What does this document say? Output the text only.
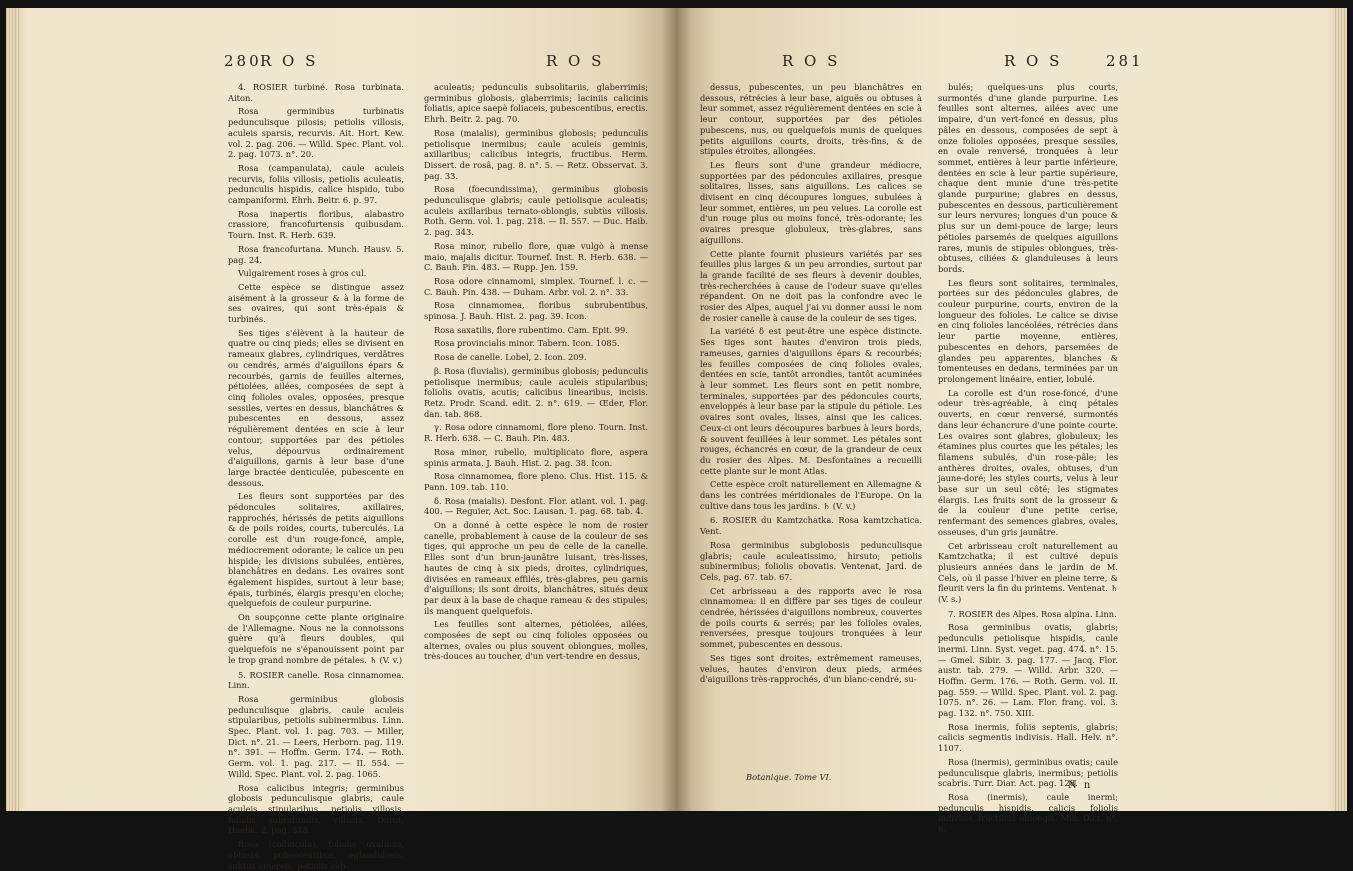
280
R O S	R O S

4. ROSIER turbiné. Rosa turbinata. Aiton.

Rosa germinibus turbinatis pedunculisque pilosis; petiolis villosis, aculeis sparsis, recurvis. Ait. Hort. Kew. vol. 2. pag. 206. — Willd. Spec. Plant. vol. 2. pag. 1073. n°. 20.

Rosa (campanulata), caule aculeis recurvis, foliis villosis, petiolis aculeatis, pedunculis hispidis, calice hispido, tubo campaniformi. Ehrh. Beitr. 6. p. 97.

Rosa inapertis floribus, alabastro crassiore, francofurtensis quibusdam. Tourn. Inst. R. Herb. 639.

Rosa francofurtana. Munch. Hausv. 5. pag. 24.

Vulgairement roses à gros cul.

Cette espèce se distingue assez aisément à la grosseur & à la forme de ses ovaires, qui sont très-épais & turbinés.

Ses tiges s'élèvent à la hauteur de quatre ou cinq pieds; elles se divisent en rameaux glabres, cylindriques, verdâtres ou cendrés, armés d'aiguillons épars & recourbés, garnis de feuilles alternes, pétiolées, ailées, composées de sept à cinq folioles ovales, opposées, presque sessiles, vertes en dessus, blanchâtres & pubescentes en dessous, assez régulièrement dentées en scie à leur contour, supportées par des pétioles velus, dépourvus ordinairement d'aiguillons, garnis à leur base d'une large bractée denticulée, pubescente en dessous.

Les fleurs sont supportées par des pédoncules solitaires, axillaires, rapprochés, hérissés de petits aiguillons & de poils roides, courts, tuberculés. La corolle est d'un rouge-foncé, ample, médiocrement odorante; le calice un peu hispide; les divisions subulées, entières, blanchâtres en dedans. Les ovaires sont également hispides, surtout à leur base; épais, turbinés, élargis presqu'en cloche; quelquefois de couleur purpurine.

On soupçonne cette plante originaire de l'Allemagne. Nous ne la connoissons guère qu'à fleurs doubles, qui quelquefois ne s'épanouissent point par le trop grand nombre de pétales. ♄ (V. v.)

5. ROSIER canelle. Rosa cinnamomea. Linn.

Rosa germinibus globosis pedunculisque glabris, caule aculeis stipularibus, petiolis subinermibus. Linn. Spec. Plant. vol. 1. pag. 703. — Miller, Dict. n°. 21. — Leers, Herborn. pag. 119. n°. 391. — Hoffm. Germ. 174. — Roth. Germ. vol. 1. pag. 217. — II. 554. — Willd. Spec. Plant. vol. 2. pag. 1065.

Rosa calicibus integris; germinibus globosis pedunculisque glabris, caule aculeis stipularibus, petiolis villosis, foliolis subrotundis, villosis. Durot, Haebk. 2. pag. 348.

Rosa (collincola), foliolis ovalibus, obtusis, pubescentibus, eglandulosis, subtus cinereis; petiolis sub-

aculeatis; pedunculis subsolitariis, glaberrimis; germinibus globosis, glaberrimis; laciniis calicinis foliatis, apice saepè foliaceis, pubescentibus, erectis. Ehrh. Beitr. 2. pag. 70.

Rosa (maialis), germinibus globosis; pedunculis petiolisque inermibus; caule aculeis geminis, axillaribus; calicibus integris, fructibus. Herm. Dissert. de rosâ, pag. 8. n°. 5. — Retz. Obsservat. 3. pag. 33.

Rosa (foecundissima), germinibus globosis pedunculisque glabris; caule petiolisque aculeatis; aculeis axillaribus ternato-oblongis, subtùs villosis. Roth. Germ. vol. 1. pag. 218. — II. 557. — Duc. Haib. 2. pag. 343.

Rosa minor, rubello flore, quæ vulgò à mense maio, majalis dicitur. Tournef. Inst. R. Herb. 638. — C. Bauh. Pin. 483. — Rupp. Jen. 159.

Rosa odore cinnamomi, simplex. Tournef. l. c. — C. Bauh. Pin. 438. — Duham. Arbr. vol. 2. n°. 33.

Rosa cinnamomea, floribus subrubentibus, spinosa. J. Bauh. Hist. 2. pag. 39. Icon.

Rosa saxatilis, flore rubentimo. Cam. Epit. 99.

Rosa provincialis minor. Tabern. Icon. 1085.

Rosa de canelle. Lobel, 2. Icon. 209.

β. Rosa (fluvialis), germinibus globosis; pedunculis petiolisque inermibus; caule aculeis stipularibus; foliolis ovatis, acutis; calicibus linearibus, incisis. Retz. Prodr. Scand. edit. 2. n°. 619. — Œder, Flor. dan. tab. 868.

γ. Rosa odore cinnamomi, flore pleno. Tourn. Inst. R. Herb. 638. — C. Bauh. Pin. 483.

Rosa minor, rubello, multiplicato flore, aspera spinis armata. J. Bauh. Hist. 2. pag. 38. Icon.

Rosa cinnamomea, flore pleno. Clus. Hist. 115. & Pann. 109. tab. 110.

δ. Rosa (maialis). Desfont. Flor. atlant. vol. 1. pag. 400. — Reguier, Act. Soc. Lausan. 1. pag. 68. tab. 4.

On a donné à cette espèce le nom de rosier canelle, probablement à cause de la couleur de ses tiges, qui approche un peu de celle de la canelle. Elles sont d'un brun-jaunâtre luisant, très-lisses, hautes de cinq à six pieds, droites, cylindriques, divisées en rameaux effilés, très-glabres, peu garnis d'aiguillons; ils sont droits, blanchâtres, situés deux par deux à la base de chaque rameau & des stipules; ils manquent quelquefois.

Les feuilles sont alternes, pétiolées, ailées, composées de sept ou cinq folioles opposées ou alternes, ovales ou plus souvent oblongues, molles, très-douces au toucher, d'un vert-tendre en dessus,

R O S	R O S	281

dessus, pubescentes, un peu blanchâtres en dessous, rétrécies à leur base, aiguës ou obtuses à leur sommet, assez régulièrement dentées en scie à leur contour, supportées par des pétioles pubescens, nus, ou quelquefois munis de quelques petits aiguillons courts, droits, très-fins, & de stipules étroites, allongées.

Les fleurs sont d'une grandeur médiocre, supportées par des pédoncules axillaires, presque solitaires, lisses, sans aiguillons. Les calices se divisent en cinq découpures longues, subulées à leur sommet, entières, un peu velues. La corolle est d'un rouge plus ou moins foncé, très-odorante; les ovaires presque globuleux, très-glabres, sans aiguillons.

Cette plante fournit plusieurs variétés par ses feuilles plus larges & un peu arrondies, surtout par la grande facilité de ses fleurs à devenir doubles, très-recherchées à cause de l'odeur suave qu'elles répandent. On ne doit pas la confondre avec le rosier des Alpes, auquel j'ai vu donner aussi le nom de rosier canelle à cause de la couleur de ses tiges.

La variété δ est peut-être une espèce distincte. Ses tiges sont hautes d'environ trois pieds, rameuses, garnies d'aiguillons épars & recourbés; les feuilles composées de cinq folioles ovales, dentées en scie, tantôt arrondies, tantôt acuminées à leur sommet. Les fleurs sont en petit nombre, terminales, supportées par des pédoncules courts, enveloppés à leur base par la stipule du pétiole. Les ovaires sont ovales, lisses, ainsi que les calices. Ceux-ci ont leurs découpures barbues à leurs bords, & souvent feuillées à leur sommet. Les pétales sont rouges, échancrés en cœur, de la grandeur de ceux du rosier des Alpes. M. Desfontaines a recueilli cette plante sur le mont Atlas.

Cette espèce croît naturellement en Allemagne & dans les contrées méridionales de l'Europe. On la cultive dans tous les jardins. ♄ (V. v.)

6. ROSIER du Kamtzchatka. Rosa kamtzchatica. Vent.

Rosa germinibus subglobosis pedunculisque glabris; caule aculeatissimo, hirsuto; petiolis subinermibus; foliolis obovatis. Ventenat, Jard. de Cels, pag. 67. tab. 67.

Cet arbrisseau a des rapports avec le rosa cinnamomea: il en diffère par ses tiges de couleur cendrée, hérissées d'aiguillons nombreux, couvertes de poils courts & serrés; par les folioles ovales, renversées, presque toujours tronquées à leur sommet, pubescentes en dessous.

Ses tiges sont droites, extrêmement rameuses, velues, hautes d'environ deux pieds, armées d'aiguillons très-rapprochés, d'un blanc-cendré, su-

Botanique. Tome VI.

bulés; quelques-uns plus courts, surmontés d'une glande purpurine. Les feuilles sont alternes, ailées avec une impaire, d'un vert-foncé en dessus, plus pâles en dessous, composées de sept à onze folioles opposées, presque sessiles, en ovale renversé, tronquées à leur sommet, entières à leur partie inférieure, dentées en scie à leur partie supérieure, chaque dent munie d'une très-petite glande purpurine; glabres en dessus, pubescentes en dessous, particulièrement sur leurs nervures; longues d'un pouce & plus sur un demi-pouce de large; leurs pétioles parsemés de quelques aiguillons rares, munis de stipules oblongues, très-obtuses, ciliées & glanduleuses à leurs bords.

Les fleurs sont solitaires, terminales, portées sur des pédoncules glabres, de couleur purpurine, courts, environ de la longueur des folioles. Le calice se divise en cinq folioles lancéolées, rétrécies dans leur partie moyenne, entières, pubescentes en dehors, parsemées de glandes peu apparentes, blanches & tomenteuses en dedans, terminées par un prolongement linéaire, entier, lobulé.

La corolle est d'un rose-foncé, d'une odeur très-agréable, à cinq pétales ouverts, en cœur renversé, surmontés dans leur échancrure d'une pointe courte. Les ovaires sont glabres, globuleux; les étamines plus courtes que les pétales; les filamens subulés, d'un rose-pâle; les anthères droites, ovales, obtuses, d'un jaune-doré; les styles courts, velus à leur base sur un seul côté; les stigmates élargis. Les fruits sont de la grosseur & de la couleur d'une petite cerise, renfermant des semences glabres, ovales, osseuses, d'un gris jaunâtre.

Cet arbrisseau croît naturellement au Kamtzchatka; il est cultivé depuis plusieurs années dans le jardin de M. Cels, où il passe l'hiver en pleine terre, & fleurit vers la fin du printems. Ventenat. ♄ (V. s.)

7. ROSIER des Alpes. Rosa alpina. Linn.

Rosa germinibus ovatis, glabris; pedunculis petiolisque hispidis, caule inermi. Linn. Syst. veget. pag. 474. n°. 15. — Gmel. Sibir. 3. pag. 177. — Jacq. Flor. austr. tab. 279. — Willd. Arbr. 320. — Hoffm. Germ. 176. — Roth. Germ. vol. II. pag. 559. — Willd. Spec. Plant. vol. 2. pag. 1075. n°. 26. — Lam. Flor. franç. vol. 3. pag. 132. n°. 750. XIII.

Rosa inermis, foliis septenis, glabris; calicis segmentis indivisis. Hall. Helv. n°. 1107.

Rosa (inermis), germinibus ovatis; caule pedunculisque glabris, inermibus; petiolis scabris. Turr. Diar. Act. pag. 128.

Rosa (inermis), caule inermi; pedunculis hispidis, calicis foliolis indivisis, fructibus oblongis. Mill. Dict. n°. 6.

N n
